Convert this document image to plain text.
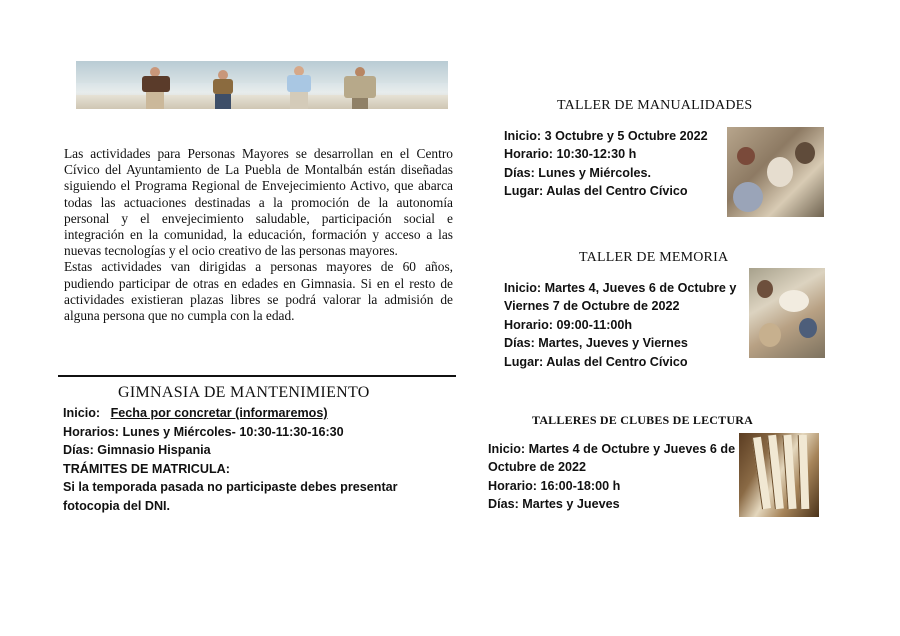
Las actividades para Personas Mayores se desarrollan en el Centro Cívico del Ayuntamiento de La Puebla de Montalbán están diseñadas siguiendo el Programa Regional de Envejecimiento Activo, que abarca todas las actuaciones destinadas a la promoción de la autonomía personal y el envejecimiento saludable, participación social e integración en la comunidad, la educación, formación y acceso a las nuevas tecnologías y el ocio creativo de las personas mayores.

Estas actividades van dirigidas a personas mayores de 60 años, pudiendo participar de otras en edades en Gimnasia. Si en el resto de actividades existieran plazas libres se podrá valorar la admisión de alguna persona que no cumpla con la edad.

GIMNASIA DE MANTENIMIENTO
Inicio: Fecha por concretar (informaremos)
Horarios: Lunes y Miércoles- 10:30-11:30-16:30
Días: Gimnasio Hispania
TRÁMITES DE MATRICULA:
Si la temporada pasada no participaste debes presentar fotocopia del DNI.
TALLER DE MANUALIDADES
Inicio: 3 Octubre y 5 Octubre 2022
Horario: 10:30-12:30 h
Días: Lunes y Miércoles.
Lugar: Aulas del Centro Cívico
TALLER DE MEMORIA
Inicio: Martes 4, Jueves 6 de Octubre y Viernes 7 de Octubre de 2022
Horario: 09:00-11:00h
Días: Martes, Jueves y Viernes
Lugar: Aulas del Centro Cívico
TALLERES DE CLUBES DE LECTURA
Inicio: Martes 4 de Octubre y Jueves 6 de Octubre de 2022
Horario: 16:00-18:00 h
Días: Martes y Jueves
